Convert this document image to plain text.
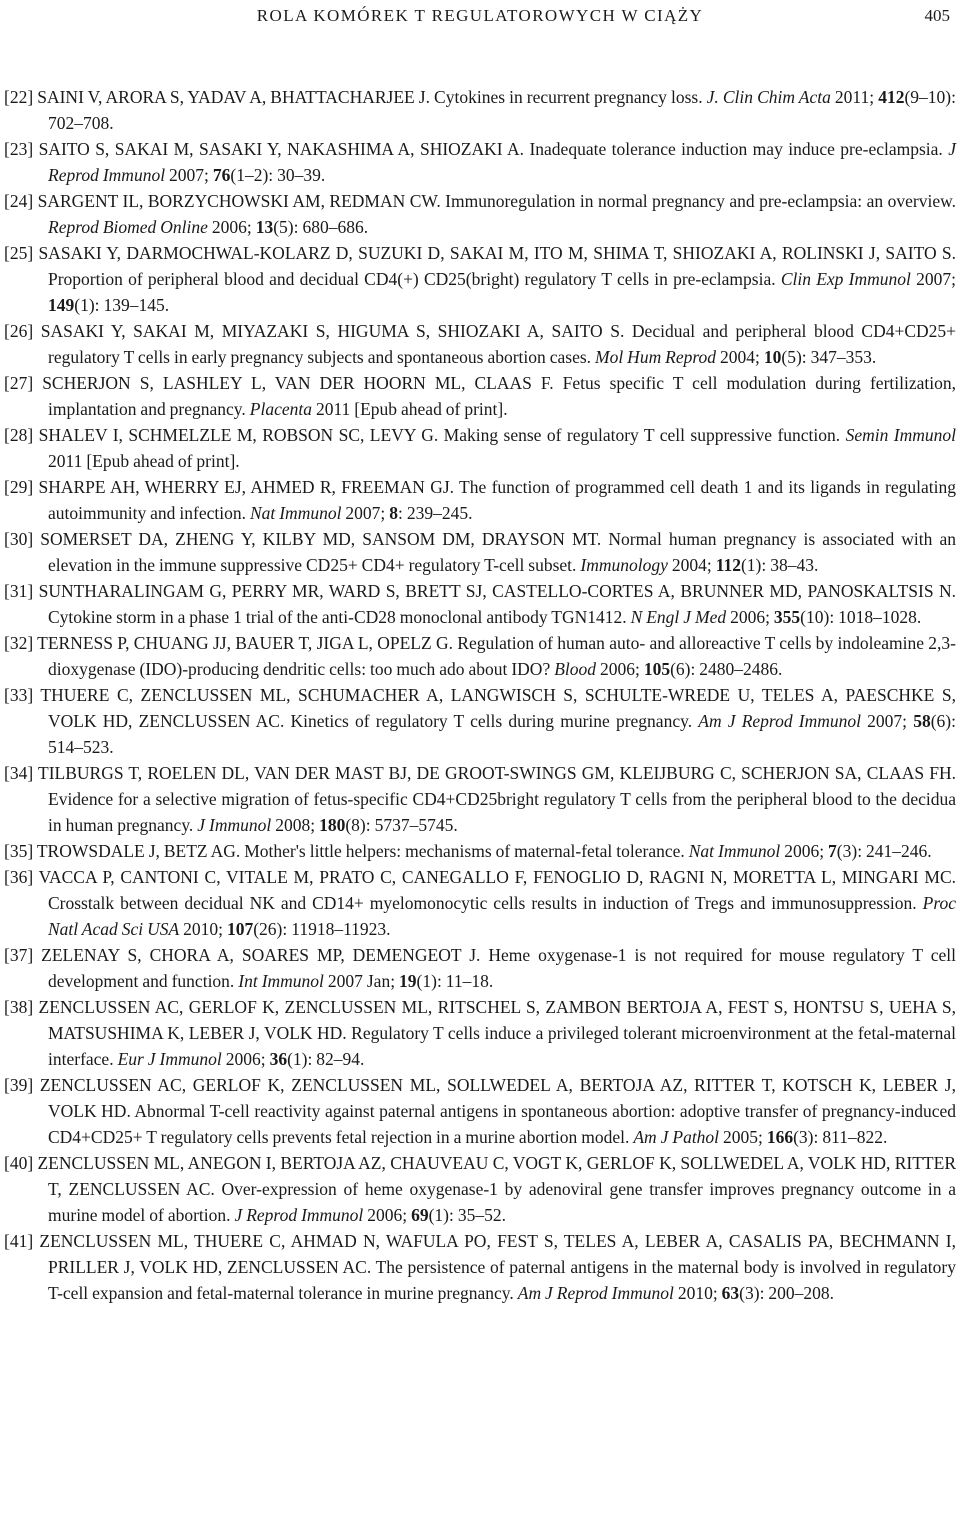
ROLA KOMÓREK T REGULATOROWYCH W CIĄŻY	405

[22] SAINI V, ARORA S, YADAV A, BHATTACHARJEE J. Cytokines in recurrent pregnancy loss. J. Clin Chim Acta 2011; 412(9–10): 702–708.

[23] SAITO S, SAKAI M, SASAKI Y, NAKASHIMA A, SHIOZAKI A. Inadequate tolerance induction may induce pre-eclampsia. J Reprod Immunol 2007; 76(1–2): 30–39.

[24] SARGENT IL, BORZYCHOWSKI AM, REDMAN CW. Immunoregulation in normal pregnancy and pre-eclampsia: an overview. Reprod Biomed Online 2006; 13(5): 680–686.

[25] SASAKI Y, DARMOCHWAL-KOLARZ D, SUZUKI D, SAKAI M, ITO M, SHIMA T, SHIOZAKI A, ROLINSKI J, SAITO S. Proportion of peripheral blood and decidual CD4(+) CD25(bright) regulatory T cells in pre-eclampsia. Clin Exp Immunol 2007; 149(1): 139–145.

[26] SASAKI Y, SAKAI M, MIYAZAKI S, HIGUMA S, SHIOZAKI A, SAITO S. Decidual and peripheral blood CD4+CD25+ regulatory T cells in early pregnancy subjects and spontaneous abortion cases. Mol Hum Reprod 2004; 10(5): 347–353.

[27] SCHERJON S, LASHLEY L, VAN DER HOORN ML, CLAAS F. Fetus specific T cell modulation during fertilization, implantation and pregnancy. Placenta 2011 [Epub ahead of print].

[28] SHALEV I, SCHMELZLE M, ROBSON SC, LEVY G. Making sense of regulatory T cell suppressive function. Semin Immunol 2011 [Epub ahead of print].

[29] SHARPE AH, WHERRY EJ, AHMED R, FREEMAN GJ. The function of programmed cell death 1 and its ligands in regulating autoimmunity and infection. Nat Immunol 2007; 8: 239–245.

[30] SOMERSET DA, ZHENG Y, KILBY MD, SANSOM DM, DRAYSON MT. Normal human pregnancy is associated with an elevation in the immune suppressive CD25+ CD4+ regulatory T-cell subset. Immunology 2004; 112(1): 38–43.

[31] SUNTHARALINGAM G, PERRY MR, WARD S, BRETT SJ, CASTELLO-CORTES A, BRUNNER MD, PANOSKALTSIS N. Cytokine storm in a phase 1 trial of the anti-CD28 monoclonal antibody TGN1412. N Engl J Med 2006; 355(10): 1018–1028.

[32] TERNESS P, CHUANG JJ, BAUER T, JIGA L, OPELZ G. Regulation of human auto- and alloreactive T cells by indoleamine 2,3-dioxygenase (IDO)-producing dendritic cells: too much ado about IDO? Blood 2006; 105(6): 2480–2486.

[33] THUERE C, ZENCLUSSEN ML, SCHUMACHER A, LANGWISCH S, SCHULTE-WREDE U, TELES A, PAESCHKE S, VOLK HD, ZENCLUSSEN AC. Kinetics of regulatory T cells during murine pregnancy. Am J Reprod Immunol 2007; 58(6): 514–523.

[34] TILBURGS T, ROELEN DL, VAN DER MAST BJ, DE GROOT-SWINGS GM, KLEIJBURG C, SCHERJON SA, CLAAS FH. Evidence for a selective migration of fetus-specific CD4+CD25bright regulatory T cells from the peripheral blood to the decidua in human pregnancy. J Immunol 2008; 180(8): 5737–5745.

[35] TROWSDALE J, BETZ AG. Mother's little helpers: mechanisms of maternal-fetal tolerance. Nat Immunol 2006; 7(3): 241–246.

[36] VACCA P, CANTONI C, VITALE M, PRATO C, CANEGALLO F, FENOGLIO D, RAGNI N, MORETTA L, MINGARI MC. Crosstalk between decidual NK and CD14+ myelomonocytic cells results in induction of Tregs and immunosuppression. Proc Natl Acad Sci USA 2010; 107(26): 11918–11923.

[37] ZELENAY S, CHORA A, SOARES MP, DEMENGEOT J. Heme oxygenase-1 is not required for mouse regulatory T cell development and function. Int Immunol 2007 Jan; 19(1): 11–18.

[38] ZENCLUSSEN AC, GERLOF K, ZENCLUSSEN ML, RITSCHEL S, ZAMBON BERTOJA A, FEST S, HONTSU S, UEHA S, MATSUSHIMA K, LEBER J, VOLK HD. Regulatory T cells induce a privileged tolerant microenvironment at the fetal-maternal interface. Eur J Immunol 2006; 36(1): 82–94.

[39] ZENCLUSSEN AC, GERLOF K, ZENCLUSSEN ML, SOLLWEDEL A, BERTOJA AZ, RITTER T, KOTSCH K, LEBER J, VOLK HD. Abnormal T-cell reactivity against paternal antigens in spontaneous abortion: adoptive transfer of pregnancy-induced CD4+CD25+ T regulatory cells prevents fetal rejection in a murine abortion model. Am J Pathol 2005; 166(3): 811–822.

[40] ZENCLUSSEN ML, ANEGON I, BERTOJA AZ, CHAUVEAU C, VOGT K, GERLOF K, SOLLWEDEL A, VOLK HD, RITTER T, ZENCLUSSEN AC. Over-expression of heme oxygenase-1 by adenoviral gene transfer improves pregnancy outcome in a murine model of abortion. J Reprod Immunol 2006; 69(1): 35–52.

[41] ZENCLUSSEN ML, THUERE C, AHMAD N, WAFULA PO, FEST S, TELES A, LEBER A, CASALIS PA, BECHMANN I, PRILLER J, VOLK HD, ZENCLUSSEN AC. The persistence of paternal antigens in the maternal body is involved in regulatory T-cell expansion and fetal-maternal tolerance in murine pregnancy. Am J Reprod Immunol 2010; 63(3): 200–208.
